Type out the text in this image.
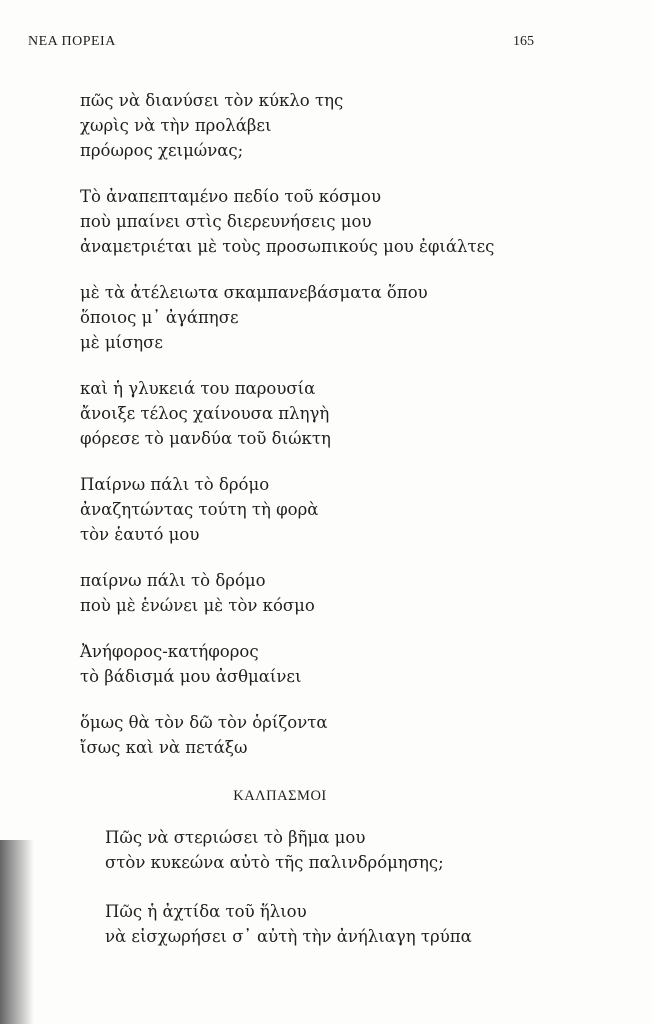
ΝΕΑ ΠΟΡΕΙΑ	165
πῶς νὰ διανύσει τὸν κύκλο της
χωρὶς νὰ τὴν προλάβει
πρόωρος χειμώνας;
Τὸ ἀναπεπταμένο πεδίο τοῦ κόσμου
ποὺ μπαίνει στὶς διερευνήσεις μου
ἀναμετριέται μὲ τοὺς προσωπικούς μου ἐφιάλτες
μὲ τὰ ἀτέλειωτα σκαμπανεβάσματα ὅπου
ὅποιος μ᾿ ἀγάπησε
μὲ μίσησε
καὶ ἡ γλυκειά του παρουσία
ἄνοιξε τέλος χαίνουσα πληγὴ
φόρεσε τὸ μανδύα τοῦ διώκτη
Παίρνω πάλι τὸ δρόμο
ἀναζητώντας τούτη τὴ φορὰ
τὸν ἑαυτό μου
παίρνω πάλι τὸ δρόμο
ποὺ μὲ ἑνώνει μὲ τὸν κόσμο
Ἀνήφορος-κατήφορος
τὸ βάδισμά μου ἀσθμαίνει
ὅμως θὰ τὸν δῶ τὸν ὁρίζοντα
ἴσως καὶ νὰ πετάξω
ΚΑΛΠΑΣΜΟΙ
Πῶς νὰ στεριώσει τὸ βῆμα μου
στὸν κυκεώνα αὐτὸ τῆς παλινδρόμησης;
Πῶς ἡ ἀχτίδα τοῦ ἥλιου
νὰ εἰσχωρήσει σ᾿ αὐτὴ τὴν ἀνήλιαγη τρύπα
